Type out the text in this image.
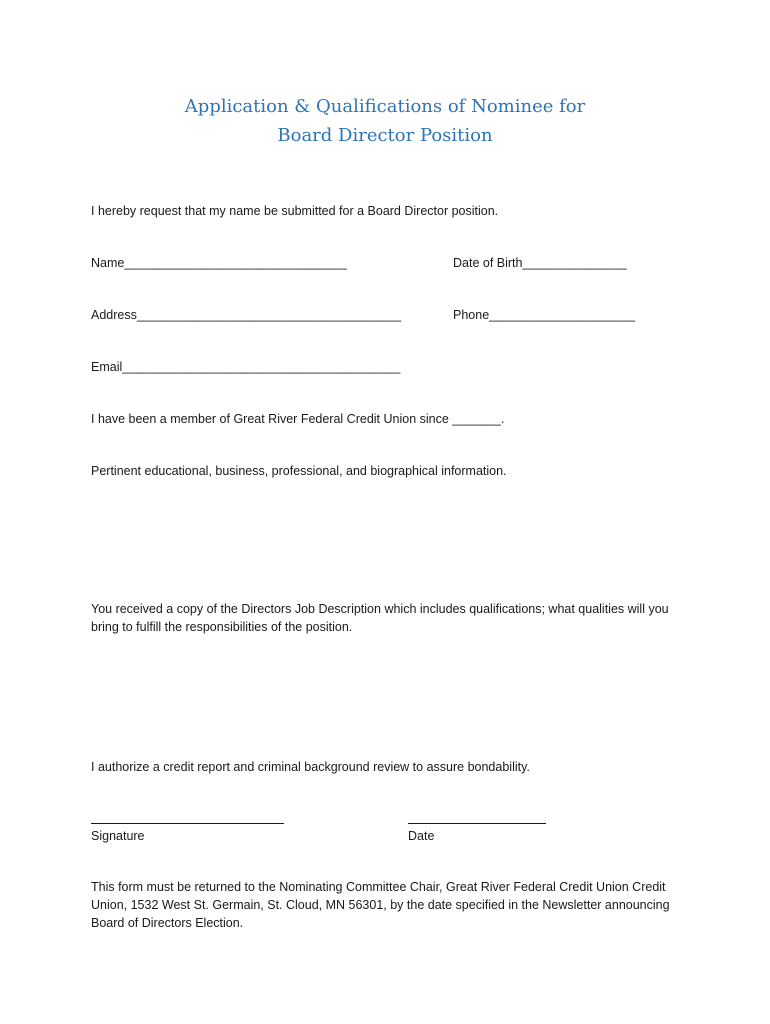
Application & Qualifications of Nominee for
Board Director Position
I hereby request that my name be submitted for a Board Director position.
Name________________________________	Date of Birth_______________
Address______________________________________	Phone_____________________
Email________________________________________
I have been a member of Great River Federal Credit Union since _______.
Pertinent educational, business, professional, and biographical information.
You received a copy of the Directors Job Description which includes qualifications; what qualities will you bring to fulfill the responsibilities of the position.
I authorize a credit report and criminal background review to assure bondability.
Signature	Date
This form must be returned to the Nominating Committee Chair, Great River Federal Credit Union Credit Union, 1532 West St. Germain, St. Cloud, MN 56301, by the date specified in the Newsletter announcing Board of Directors Election.
